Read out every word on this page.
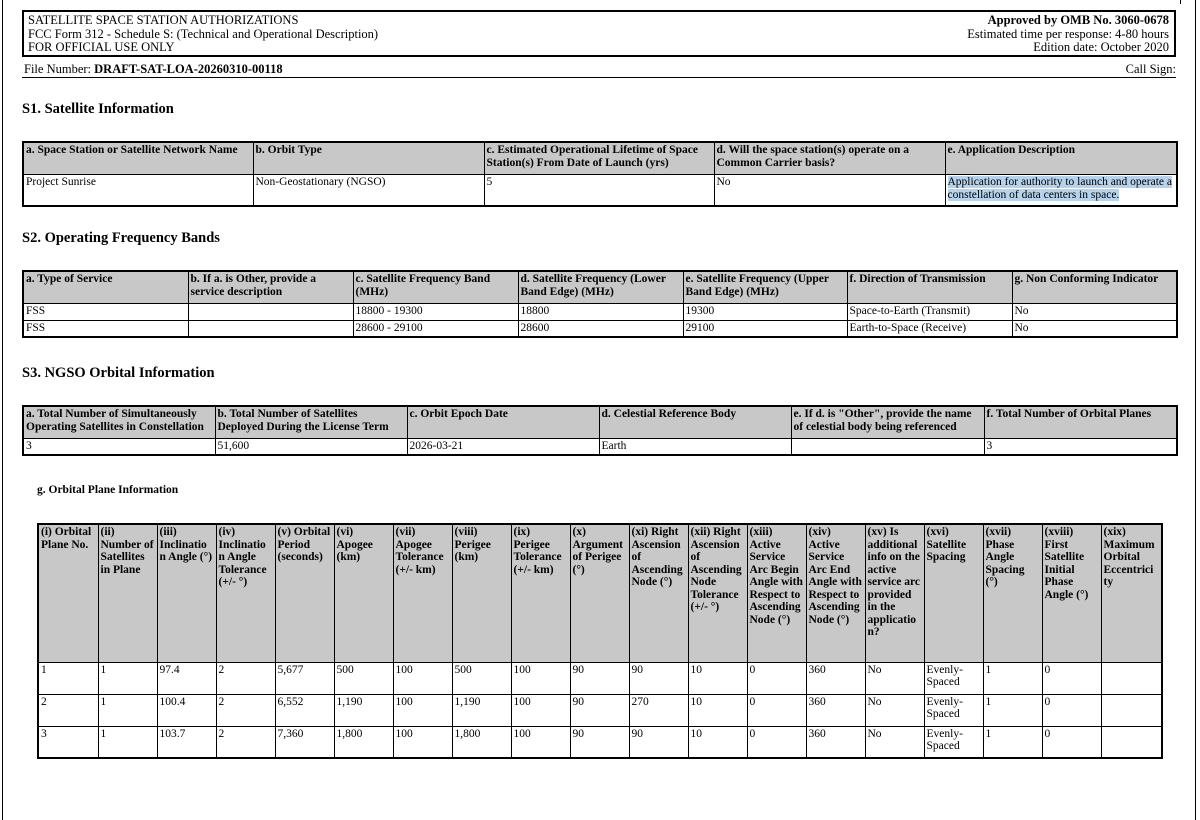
SATELLITE SPACE STATION AUTHORIZATIONS
FCC Form 312 - Schedule S: (Technical and Operational Description)
FOR OFFICIAL USE ONLY
Approved by OMB No. 3060-0678
Estimated time per response: 4-80 hours
Edition date: October 2020
File Number: DRAFT-SAT-LOA-20260310-00118	Call Sign:
S1. Satellite Information
a. Space Station or Satellite Network Name	b. Orbit Type	c. Estimated Operational Lifetime of Space Station(s) From Date of Launch (yrs)	d. Will the space station(s) operate on a Common Carrier basis?	e. Application Description
Project Sunrise	Non-Geostationary (NGSO)	5	No	Application for authority to launch and operate a constellation of data centers in space.
S2. Operating Frequency Bands
a. Type of Service	b. If a. is Other, provide a service description	c. Satellite Frequency Band (MHz)	d. Satellite Frequency (Lower Band Edge) (MHz)	e. Satellite Frequency (Upper Band Edge) (MHz)	f. Direction of Transmission	g. Non Conforming Indicator
FSS		18800 - 19300	18800	19300	Space-to-Earth (Transmit)	No
FSS		28600 - 29100	28600	29100	Earth-to-Space (Receive)	No
S3. NGSO Orbital Information
a. Total Number of Simultaneously Operating Satellites in Constellation	b. Total Number of Satellites Deployed During the License Term	c. Orbit Epoch Date	d. Celestial Reference Body	e. If d. is "Other", provide the name of celestial body being referenced	f. Total Number of Orbital Planes
3	51,600	2026-03-21	Earth		3
g. Orbital Plane Information
(i) Orbital Plane No.	(ii) Number of Satellites in Plane	(iii) Inclinatio n Angle (°)	(iv) Inclinatio n Angle Tolerance (+/- °)	(v) Orbital Period (seconds)	(vi) Apogee (km)	(vii) Apogee Tolerance (+/- km)	(viii) Perigee (km)	(ix) Perigee Tolerance (+/- km)	(x) Argument of Perigee (°)	(xi) Right Ascension of Ascending Node (°)	(xii) Right Ascension of Ascending Node Tolerance (+/- °)	(xiii) Active Service Arc Begin Angle with Respect to Ascending Node (°)	(xiv) Active Service Arc End Angle with Respect to Ascending Node (°)	(xv) Is additional info on the active service arc provided in the applicatio n?	(xvi) Satellite Spacing	(xvii) Phase Angle Spacing (°)	(xviii) First Satellite Initial Phase Angle (°)	(xix) Maximum Orbital Eccentrici ty
1	1	97.4	2	5,677	500	100	500	100	90	90	10	0	360	No	Evenly-Spaced	1	0	
2	1	100.4	2	6,552	1,190	100	1,190	100	90	270	10	0	360	No	Evenly-Spaced	1	0	
3	1	103.7	2	7,360	1,800	100	1,800	100	90	90	10	0	360	No	Evenly-Spaced	1	0	
